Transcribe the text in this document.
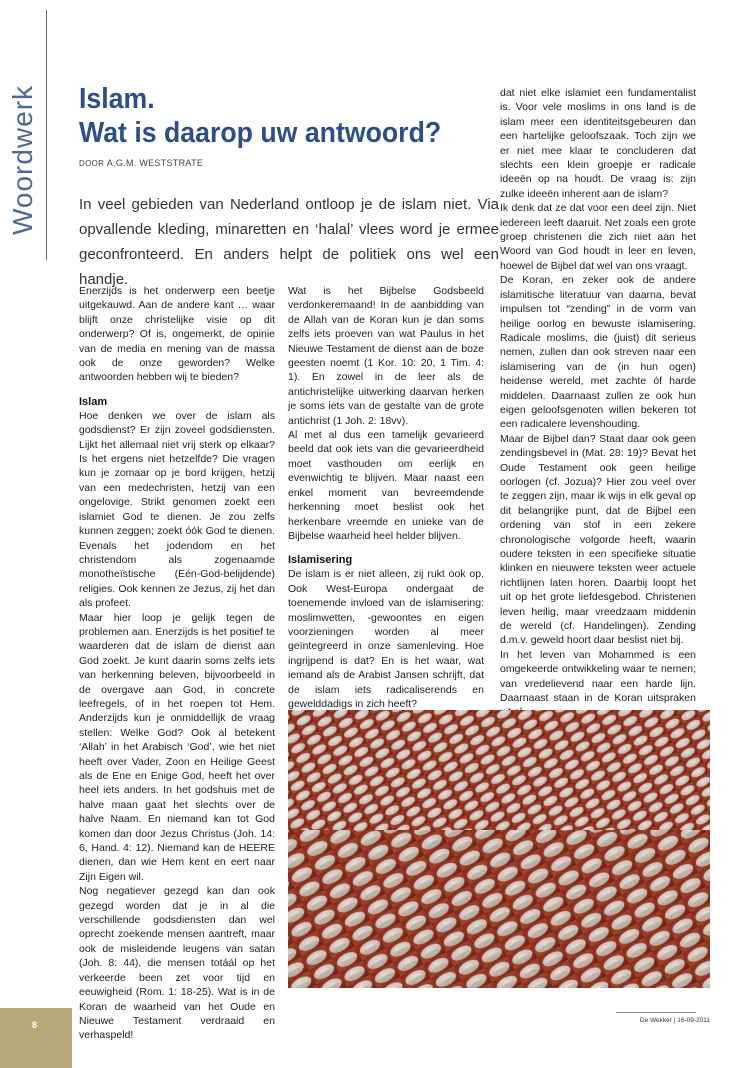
Woordwerk Islam.
Wat is daarop uw antwoord?
DOOR A.G.M. WESTSTRATE
In veel gebieden van Nederland ontloop je de islam niet. Via opvallende kleding, minaretten en ‘halal’ vlees word je ermee geconfronteerd. En anders helpt de politiek ons wel een handje.

Enerzijds is het onderwerp een beetje uitgekauwd. Aan de andere kant … waar blijft onze christelijke visie op dit onderwerp? Of is, ongemerkt, de opinie van de media en mening van de massa ook de onze geworden? Welke antwoorden hebben wij te bieden?

Islam

Hoe denken we over de islam als godsdienst? Er zijn zoveel godsdiensten. Lijkt het allemaal niet vrij sterk op elkaar? Is het ergens niet hetzelfde? Die vragen kun je zomaar op je bord krijgen, hetzij van een medechristen, hetzij van een ongelovige. Strikt genomen zoekt een islamiet God te dienen. Je zou zelfs kunnen zeggen; zoekt óók God te dienen. Evenals het jodendom en het christendom als zogenaamde monotheïstische (Eén-God-belijdende) religies. Ook kennen ze Jezus, zij het dan als profeet.

Maar hier loop je gelijk tegen de problemen aan. Enerzijds is het positief te waarderen dat de islam de dienst aan God zoekt. Je kunt daarin soms zelfs iets van herkenning beleven, bijvoorbeeld in de overgave aan God, in concrete leefregels, of in het roepen tot Hem. Anderzijds kun je onmiddellijk de vraag stellen: Welke God? Ook al betekent ‘Allah’ in het Arabisch ‘God’, wie het niet heeft over Vader, Zoon en Heilige Geest als de Ene en Enige God, heeft het over heel iets anders. In het godshuis met de halve maan gaat het slechts over de halve Naam. En niemand kan tot God komen dan door Jezus Christus (Joh. 14: 6, Hand. 4: 12). Niemand kan de HEERE dienen, dan wie Hem kent en eert naar Zijn Eigen wil.

Nog negatiever gezegd kan dan ook gezegd worden dat je in al die verschillende godsdiensten dan wel oprecht zoekende mensen aantreft, maar ook de misleidende leugens van satan (Joh. 8: 44), die mensen totáál op het verkeerde been zet voor tijd en eeuwigheid (Rom. 1: 18-25). Wat is in de Koran de waarheid van het Oude en Nieuwe Testament verdraaid en verhaspeld!

Wat is het Bijbelse Godsbeeld verdonkeremaand! In de aanbidding van de Allah van de Koran kun je dan soms zelfs iets proeven van wat Paulus in het Nieuwe Testament de dienst aan de boze geesten noemt (1 Kor. 10: 20, 1 Tim. 4: 1). En zowel in de leer als de antichristelijke uitwerking daarvan herken je soms iets van de gestalte van de grote antichrist (1 Joh. 2: 18vv).

Al met al dus een tamelijk gevarieerd beeld dat ook iets van die gevarieerdheid moet vasthouden om eerlijk en evenwichtig te blijven. Maar naast een enkel moment van bevreemdende herkenning moet beslist ook het herkenbare vreemde en unieke van de Bijbelse waarheid heel helder blijven.

Islamisering

De islam is er niet alleen, zij rukt ook op. Ook West-Europa ondergaat de toenemende invloed van de islamisering: moslimwetten, -gewoontes en eigen voorzieningen worden al meer geïntegreerd in onze samenleving. Hoe ingrijpend is dat? En is het waar, wat iemand als de Arabist Jansen schrijft, dat de islam iets radicaliserends en gewelddadigs in zich heeft?

dat niet elke islamiet een fundamentalist is. Voor vele moslims in ons land is de islam meer een identiteitsgebeuren dan een hartelijke geloofszaak. Toch zijn we er niet mee klaar te concluderen dat slechts een klein groepje er radicale ideeën op na houdt. De vraag is: zijn zulke ideeën inherent aan de islam?

Ik denk dat ze dat voor een deel zijn. Niet iedereen leeft daaruit. Net zoals een grote groep christenen die zich niet aan het Woord van God houdt in leer en leven, hoewel de Bijbel dat wel van ons vraagt.

De Koran, en zeker ook de andere islamitische literatuur van daarna, bevat impulsen tot “zending” in de vorm van heilige oorlog en bewuste islamisering. Radicale moslims, die (juist) dit serieus nemen, zullen dan ook streven naar een islamisering van de (in hun ogen) heidense wereld, met zachte óf harde middelen. Daarnaast zullen ze ook hun eigen geloofsgenoten willen bekeren tot een radicalere levenshouding.

Maar de Bijbel dan? Staat daar ook geen zendingsbevel in (Mat. 28: 19)? Bevat het Oude Testament ook geen heilige oorlogen (cf. Jozua)? Hier zou veel over te zeggen zijn, maar ik wijs in elk geval op dit belangrijke punt, dat de Bijbel een ordening van stof in een zekere chronologische volgorde heeft, waarin oudere teksten in een specifieke situatie klinken en nieuwere teksten weer actuele richtlijnen laten horen. Daarbij loopt het uit op het grote liefdesgebod. Christenen leven heilig, maar vreedzaam middenin de wereld (cf. Handelingen). Zending d.m.v. geweld hoort daar beslist niet bij.

In het leven van Mohammed is een omgekeerde ontwikkeling waar te nemen; van vredelievend naar een harde lijn. Daarnaast staan in de Koran uitspraken

8	De Wekker | 16-09-2011
